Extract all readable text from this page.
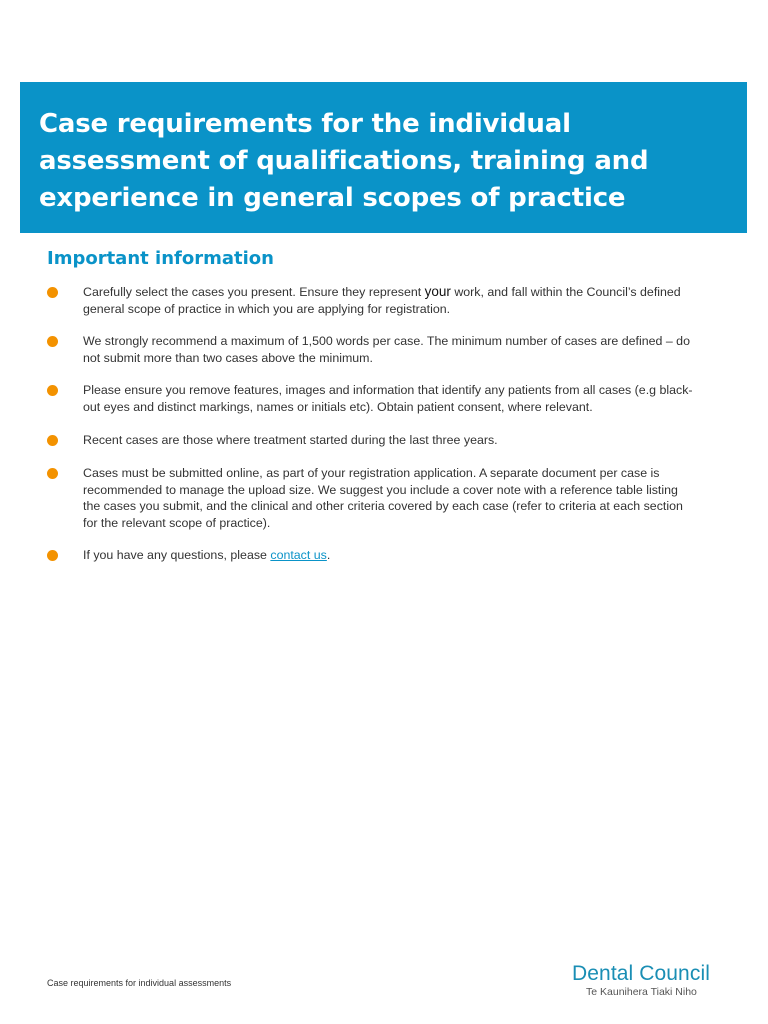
Case requirements for the individual
assessment of qualifications, training and
experience in general scopes of practice
Important information
Carefully select the cases you present. Ensure they represent your work, and fall within the Council’s defined
general scope of practice in which you are applying for registration.
We strongly recommend a maximum of 1,500 words per case. The minimum number of cases are defined – do
not submit more than two cases above the minimum.
Please ensure you remove features, images and information that identify any patients from all cases (e.g black-
out eyes and distinct markings, names or initials etc). Obtain patient consent, where relevant.
Recent cases are those where treatment started during the last three years.
Cases must be submitted online, as part of your registration application. A separate document per case is
recommended to manage the upload size. We suggest you include a cover note with a reference table listing
the cases you submit, and the clinical and other criteria covered by each case (refer to criteria at each section
for the relevant scope of practice).
If you have any questions, please contact us.
Case requirements for individual assessments	Dental Council
Te Kaunihera Tiaki Niho
